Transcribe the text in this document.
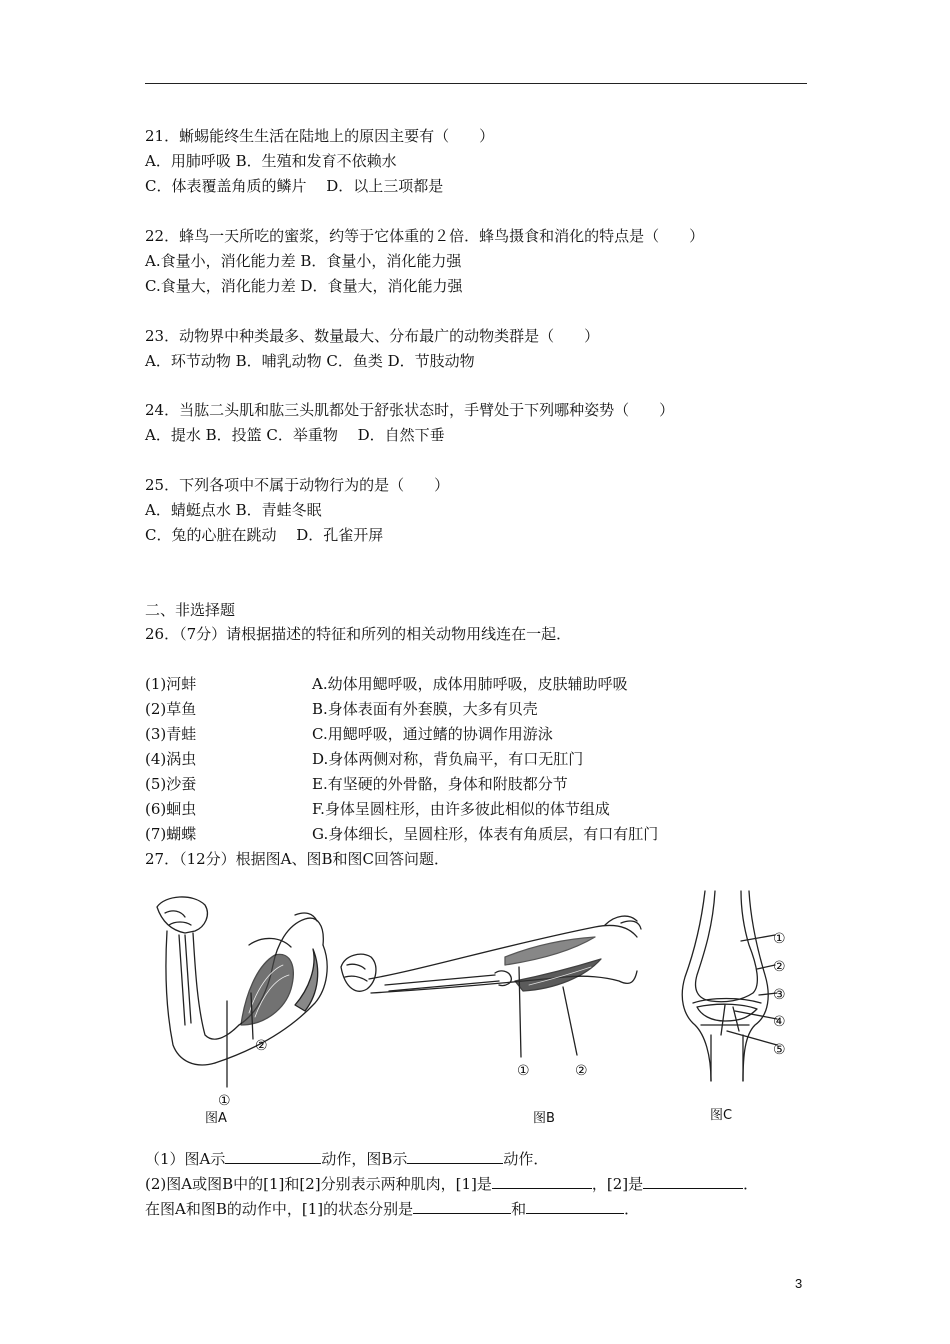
21．蜥蜴能终生生活在陆地上的原因主要有（　　）
A．用肺呼吸 B．生殖和发育不依赖水
C．体表覆盖角质的鳞片　 D．以上三项都是
22．蜂鸟一天所吃的蜜浆，约等于它体重的２倍．蜂鸟摄食和消化的特点是（　　）
A.食量小，消化能力差 B．食量小，消化能力强
C.食量大，消化能力差 D．食量大，消化能力强
23．动物界中种类最多、数量最大、分布最广的动物类群是（　　）
A．环节动物 B．哺乳动物 C．鱼类 D．节肢动物
24．当肱二头肌和肱三头肌都处于舒张状态时，手臂处于下列哪种姿势（　　）
A．提水 B．投篮 C．举重物　 D．自然下垂
25．下列各项中不属于动物行为的是（　　）
A．蜻蜓点水 B．青蛙冬眠
C．兔的心脏在跳动　 D．孔雀开屏
二、非选择题
26．（7分）请根据描述的特征和所列的相关动物用线连在一起．
(1)河蚌	A.幼体用鳃呼吸，成体用肺呼吸，皮肤辅助呼吸
(2)草鱼	B.身体表面有外套膜，大多有贝壳
(3)青蛙	C.用鳃呼吸，通过鳍的协调作用游泳
(4)涡虫	D.身体两侧对称，背负扁平，有口无肛门
(5)沙蚕	E.有坚硬的外骨骼，身体和附肢都分节
(6)蛔虫	F.身体呈圆柱形，由许多彼此相似的体节组成
(7)蝴蝶	G.身体细长，呈圆柱形，体表有角质层，有口有肛门
27．（12分）根据图A、图B和图C回答问题．
②
①
①	②
①
②
③
④
⑤
图A	图B	图C
（1）图A示	动作，图B示	动作．
(2)图A或图B中的[1]和[2]分别表示两种肌肉，[1]是	，[2]是	．
在图A和图B的动作中，[1]的状态分别是	和	．
3
